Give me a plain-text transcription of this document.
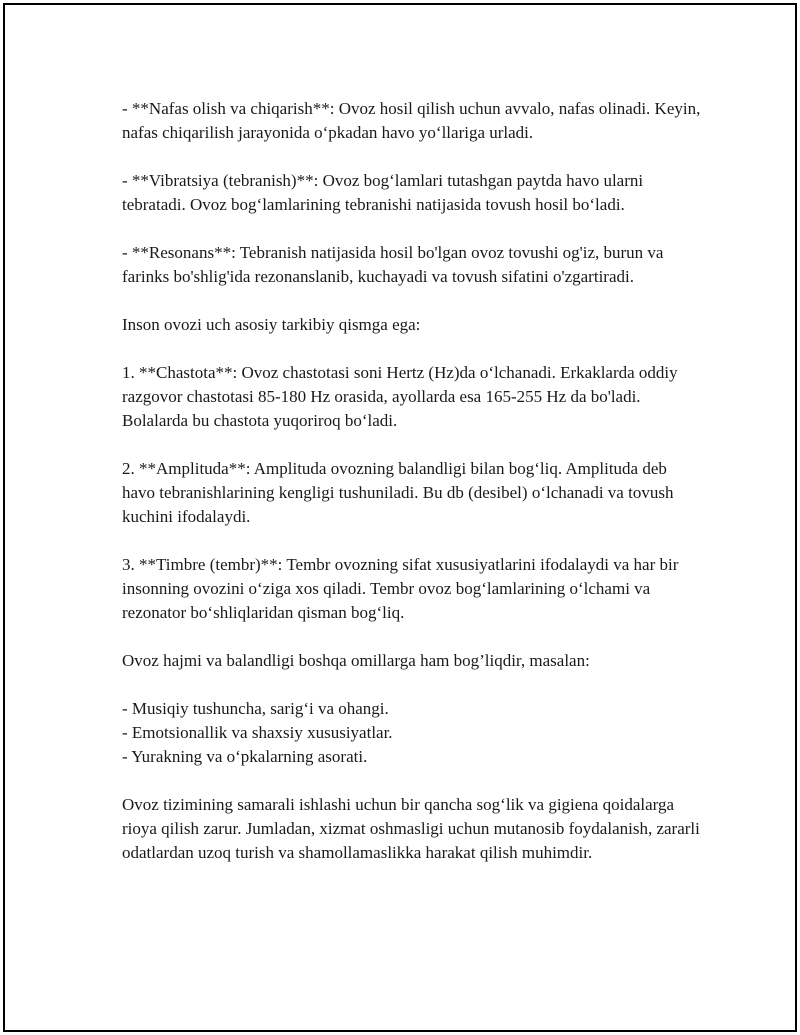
- **Nafas olish va chiqarish**: Ovoz hosil qilish uchun avvalo, nafas olinadi. Keyin, nafas chiqarilish jarayonida oʻpkadan havo yoʻllariga urladi.

- **Vibratsiya (tebranish)**: Ovoz bogʻlamlari tutashgan paytda havo ularni tebratadi. Ovoz bogʻlamlarining tebranishi natijasida tovush hosil boʻladi.

- **Resonans**: Tebranish natijasida hosil bo'lgan ovoz tovushi og'iz, burun va farinks bo'shlig'ida rezonanslanib, kuchayadi va tovush sifatini o'zgartiradi.

Inson ovozi uch asosiy tarkibiy qismga ega:

1. **Chastota**: Ovoz chastotasi soni Hertz (Hz)da oʻlchanadi. Erkaklarda oddiy razgovor chastotasi 85-180 Hz orasida, ayollarda esa 165-255 Hz da bo'ladi. Bolalarda bu chastota yuqoriroq boʻladi.

2. **Amplituda**: Amplituda ovozning balandligi bilan bogʻliq. Amplituda deb havo tebranishlarining kengligi tushuniladi. Bu db (desibel) oʻlchanadi va tovush kuchini ifodalaydi.

3. **Timbre (tembr)**: Tembr ovozning sifat xususiyatlarini ifodalaydi va har bir insonning ovozini oʻziga xos qiladi. Tembr ovoz bogʻlamlarining oʻlchami va rezonator boʻshliqlaridan qisman bogʻliq.

Ovoz hajmi va balandligi boshqa omillarga ham bog’liqdir, masalan:

- Musiqiy tushuncha, sarigʻi va ohangi.

- Emotsionallik va shaxsiy xususiyatlar.

- Yurakning va oʻpkalarning asorati.

Ovoz tizimining samarali ishlashi uchun bir qancha sogʻlik va gigiena qoidalarga rioya qilish zarur. Jumladan, xizmat oshmasligi uchun mutanosib foydalanish, zararli odatlardan uzoq turish va shamollamaslikka harakat qilish muhimdir.
